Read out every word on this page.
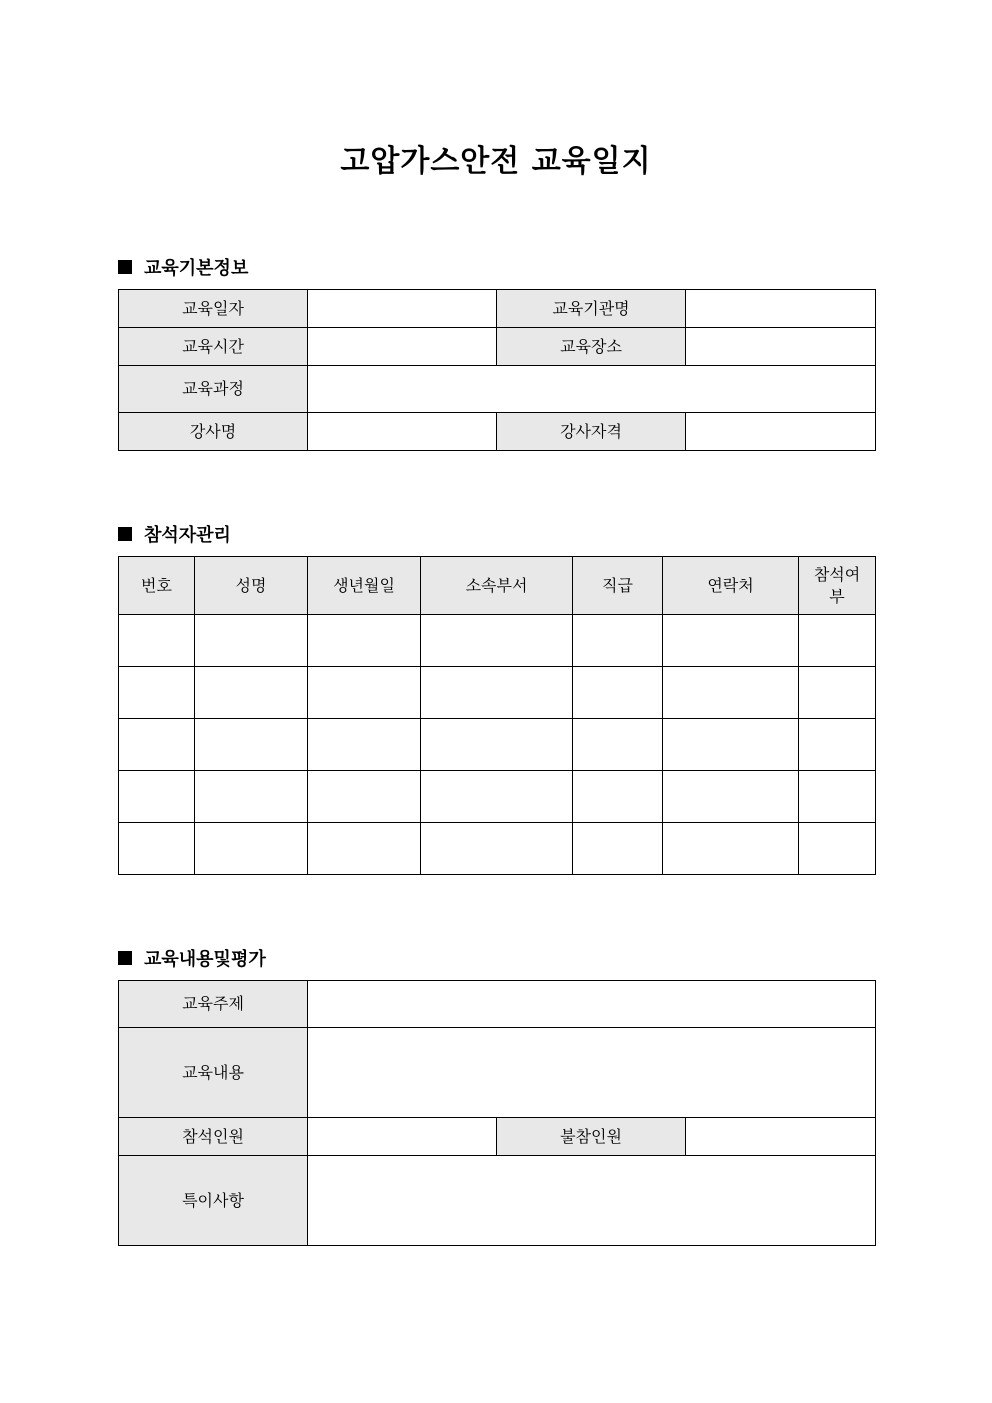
고압가스안전 교육일지
교육기본정보
교육일자		교육기관명	
교육시간		교육장소	
교육과정			
강사명		강사자격	
참석자관리
번호	성명	생년월일	소속부서	직급	연락처	참석여부

교육내용및평가
교육주제			
교육내용			
참석인원		불참인원	
특이사항			
